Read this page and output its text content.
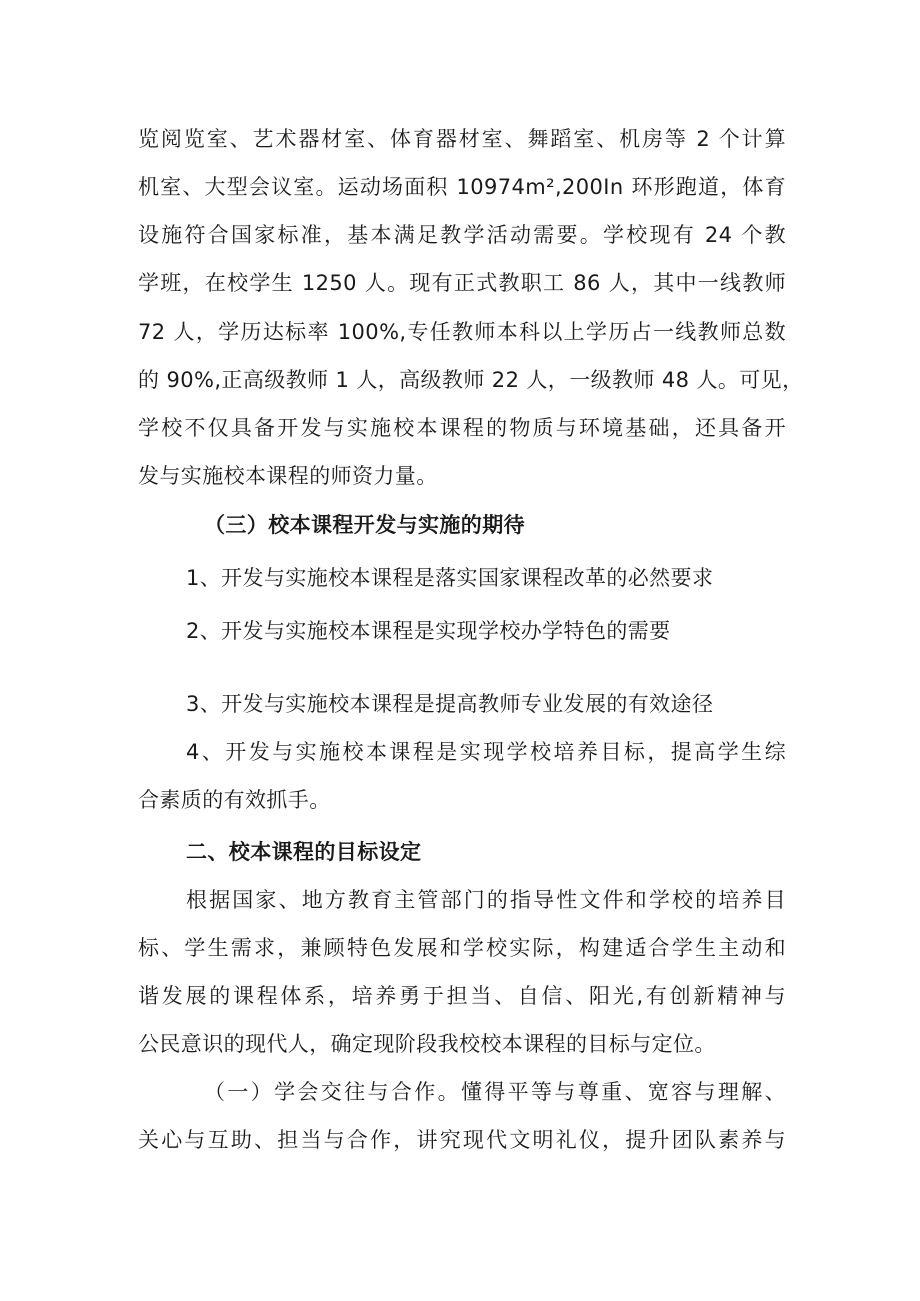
览阅览室、艺术器材室、体育器材室、舞蹈室、机房等 2 个计算
机室、大型会议室。运动场面积 10974m²,200In 环形跑道，体育
设施符合国家标准，基本满足教学活动需要。学校现有 24 个教
学班，在校学生 1250 人。现有正式教职工 86 人，其中一线教师
72 人，学历达标率 100%,专任教师本科以上学历占一线教师总数
的 90%,正高级教师 1 人，高级教师 22 人，一级教师 48 人。可见，
学校不仅具备开发与实施校本课程的物质与环境基础，还具备开
发与实施校本课程的师资力量。
（三）校本课程开发与实施的期待
1、开发与实施校本课程是落实国家课程改革的必然要求
2、开发与实施校本课程是实现学校办学特色的需要
3、开发与实施校本课程是提高教师专业发展的有效途径
4、开发与实施校本课程是实现学校培养目标，提高学生综
合素质的有效抓手。
二、校本课程的目标设定
根据国家、地方教育主管部门的指导性文件和学校的培养目
标、学生需求，兼顾特色发展和学校实际，构建适合学生主动和
谐发展的课程体系，培养勇于担当、自信、阳光,有创新精神与
公民意识的现代人，确定现阶段我校校本课程的目标与定位。
（一）学会交往与合作。懂得平等与尊重、宽容与理解、
关心与互助、担当与合作，讲究现代文明礼仪，提升团队素养与
